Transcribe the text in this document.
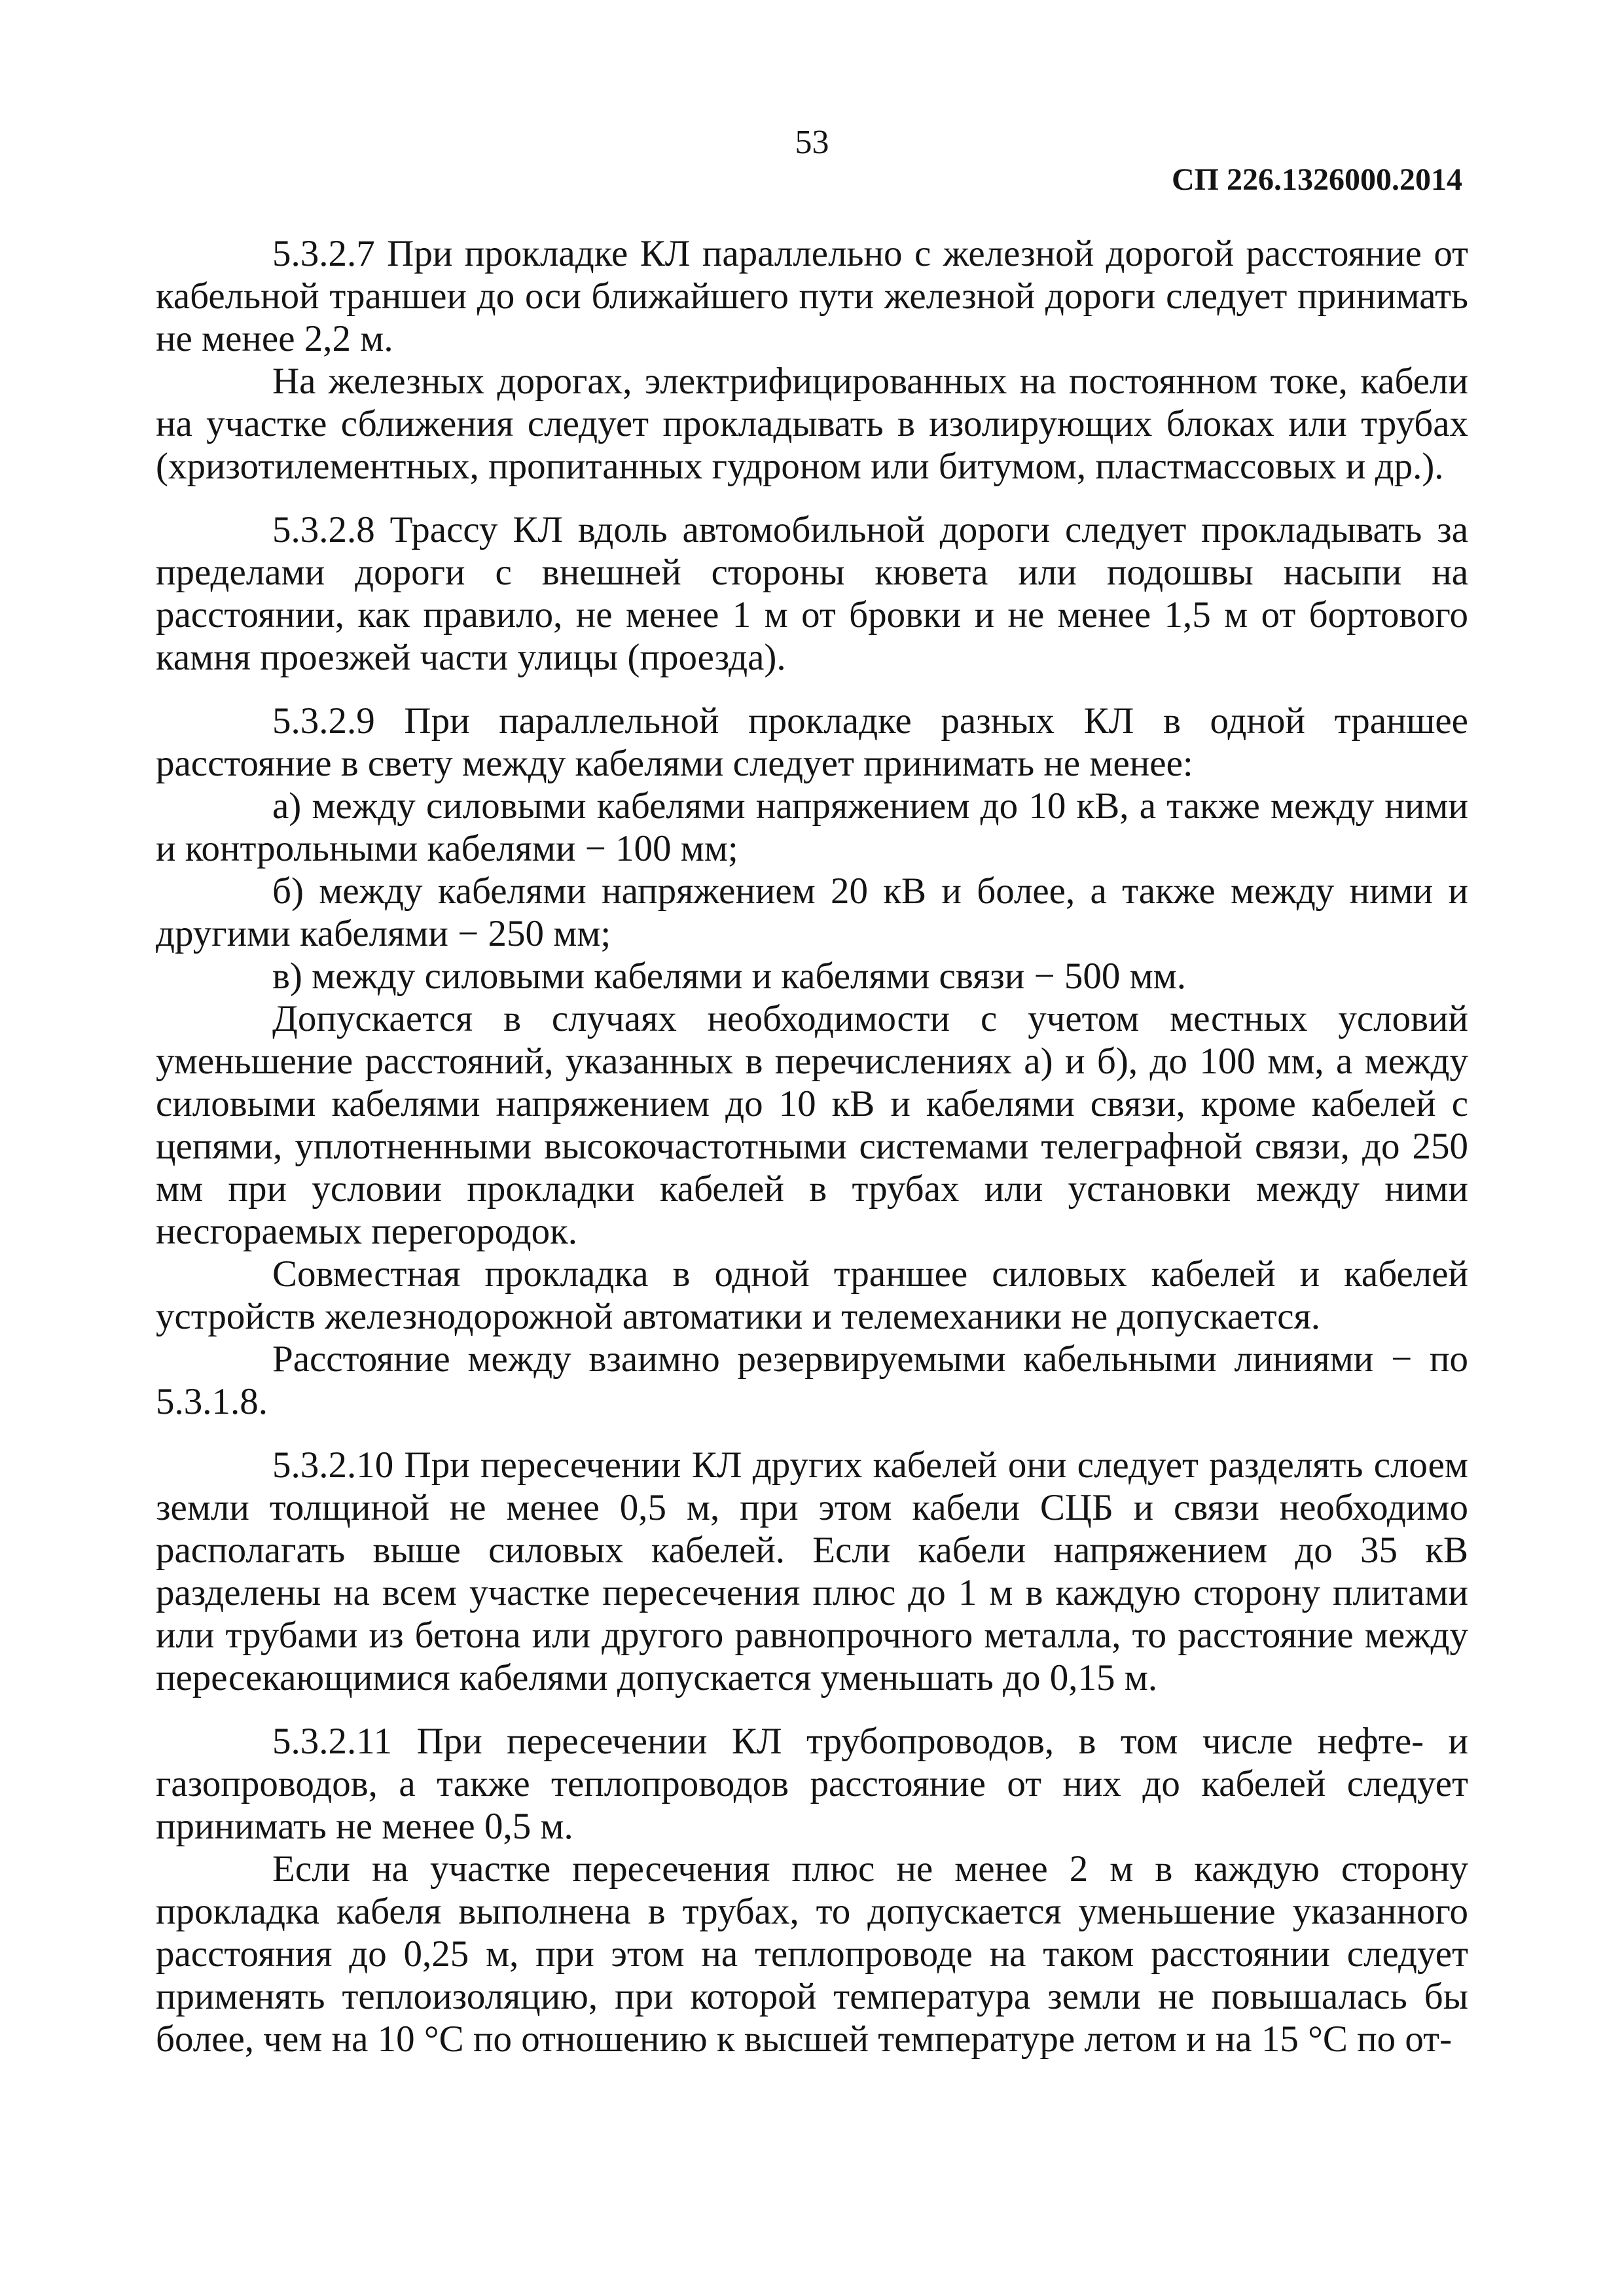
53
СП 226.1326000.2014

5.3.2.7 При прокладке КЛ параллельно с железной дорогой расстояние от кабельной траншеи до оси ближайшего пути железной дороги следует принимать не менее 2,2 м.

На железных дорогах, электрифицированных на постоянном токе, кабели на участке сближения следует прокладывать в изолирующих блоках или трубах (хризотилементных, пропитанных гудроном или битумом, пластмассовых и др.).

5.3.2.8 Трассу КЛ вдоль автомобильной дороги следует прокладывать за пределами дороги с внешней стороны кювета или подошвы насыпи на расстоянии, как правило, не менее 1 м от бровки и не менее 1,5 м от бортового камня проезжей части улицы (проезда).

5.3.2.9 При параллельной прокладке разных КЛ в одной траншее расстояние в свету между кабелями следует принимать не менее:

а) между силовыми кабелями напряжением до 10 кВ, а также между ними и контрольными кабелями − 100 мм;

б) между кабелями напряжением 20 кВ и более, а также между ними и другими кабелями − 250 мм;

в) между силовыми кабелями и кабелями связи − 500 мм.

Допускается в случаях необходимости с учетом местных условий уменьшение расстояний, указанных в перечислениях а) и б), до 100 мм, а между силовыми кабелями напряжением до 10 кВ и кабелями связи, кроме кабелей с цепями, уплотненными высокочастотными системами телеграфной связи, до 250 мм при условии прокладки кабелей в трубах или установки между ними несгораемых перегородок.

Совместная прокладка в одной траншее силовых кабелей и кабелей устройств железнодорожной автоматики и телемеханики не допускается.

Расстояние между взаимно резервируемыми кабельными линиями − по 5.3.1.8.

5.3.2.10 При пересечении КЛ других кабелей они следует разделять слоем земли толщиной не менее 0,5 м, при этом кабели СЦБ и связи необходимо располагать выше силовых кабелей. Если кабели напряжением до 35 кВ разделены на всем участке пересечения плюс до 1 м в каждую сторону плитами или трубами из бетона или другого равнопрочного металла, то расстояние между пересекающимися кабелями допускается уменьшать до 0,15 м.

5.3.2.11 При пересечении КЛ трубопроводов, в том числе нефте- и газопроводов, а также теплопроводов расстояние от них до кабелей следует принимать не менее 0,5 м.

Если на участке пересечения плюс не менее 2 м в каждую сторону прокладка кабеля выполнена в трубах, то допускается уменьшение указанного расстояния до 0,25 м, при этом на теплопроводе на таком расстоянии следует применять теплоизоляцию, при которой температура земли не повышалась бы более, чем на 10 °С по отношению к высшей температуре летом и на 15 °С по от-
